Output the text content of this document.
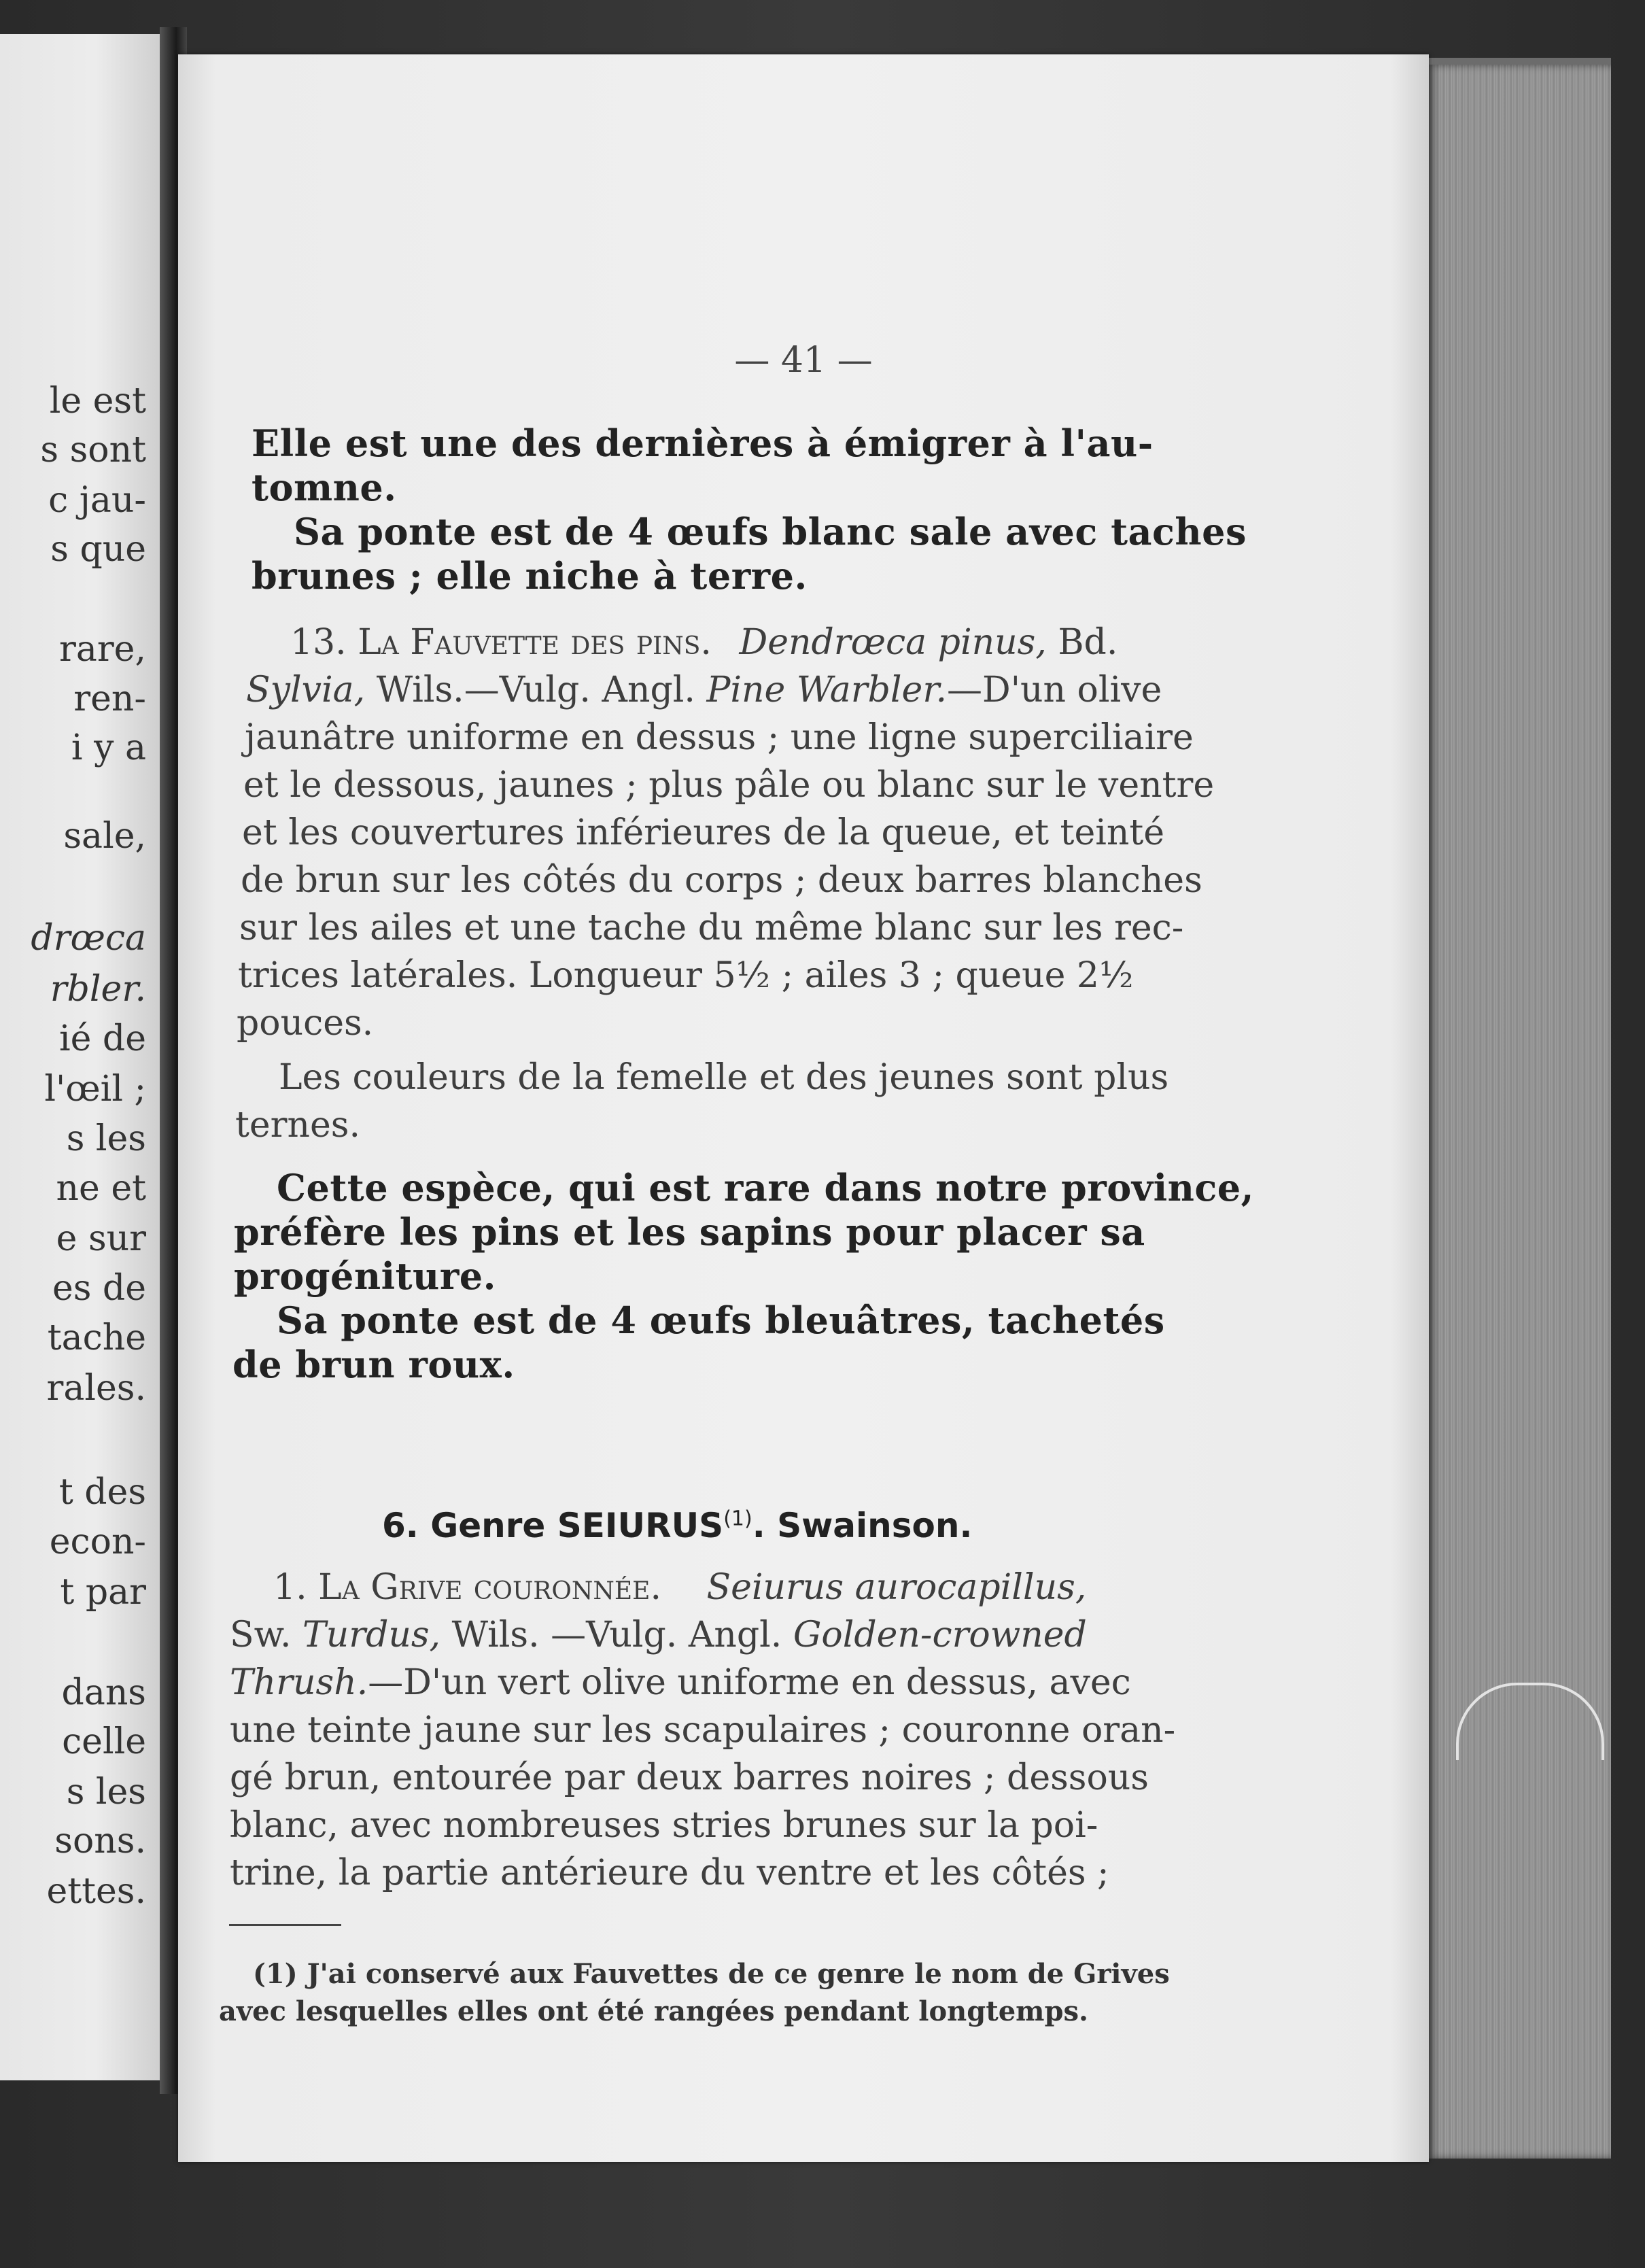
le est
s sont
c jau-
s que
rare,
ren-
i y a
sale,
drœca
rbler.
ié de
l'œil ;
s les
ne et
e sur
es de
tache
rales.
t des
econ-
t par
dans
celle
s les
sons.
ettes.
— 41 —
Elle est une des dernières à émigrer à l'au-
tomne.
Sa ponte est de 4 œufs blanc sale avec taches
brunes ; elle niche à terre.
13. La Fauvette des pins. Dendrœca pinus, Bd.
Sylvia, Wils.—Vulg. Angl. Pine Warbler.—D'un olive
jaunâtre uniforme en dessus ; une ligne superciliaire
et le dessous, jaunes ; plus pâle ou blanc sur le ventre
et les couvertures inférieures de la queue, et teinté
de brun sur les côtés du corps ; deux barres blanches
sur les ailes et une tache du même blanc sur les rec-
trices latérales. Longueur 5½ ; ailes 3 ; queue 2½
pouces.
Les couleurs de la femelle et des jeunes sont plus
ternes.
Cette espèce, qui est rare dans notre province,
préfère les pins et les sapins pour placer sa
progéniture.
Sa ponte est de 4 œufs bleuâtres, tachetés
de brun roux.
6. Genre SEIURUS$^{(1)}$. Swainson.
1. La Grive couronnée. Seiurus aurocapillus,
Sw. Turdus, Wils. —Vulg. Angl. Golden-crowned
Thrush.—D'un vert olive uniforme en dessus, avec
une teinte jaune sur les scapulaires ; couronne oran-
gé brun, entourée par deux barres noires ; dessous
blanc, avec nombreuses stries brunes sur la poi-
trine, la partie antérieure du ventre et les côtés ;
(1) J'ai conservé aux Fauvettes de ce genre le nom de Grives
avec lesquelles elles ont été rangées pendant longtemps.
